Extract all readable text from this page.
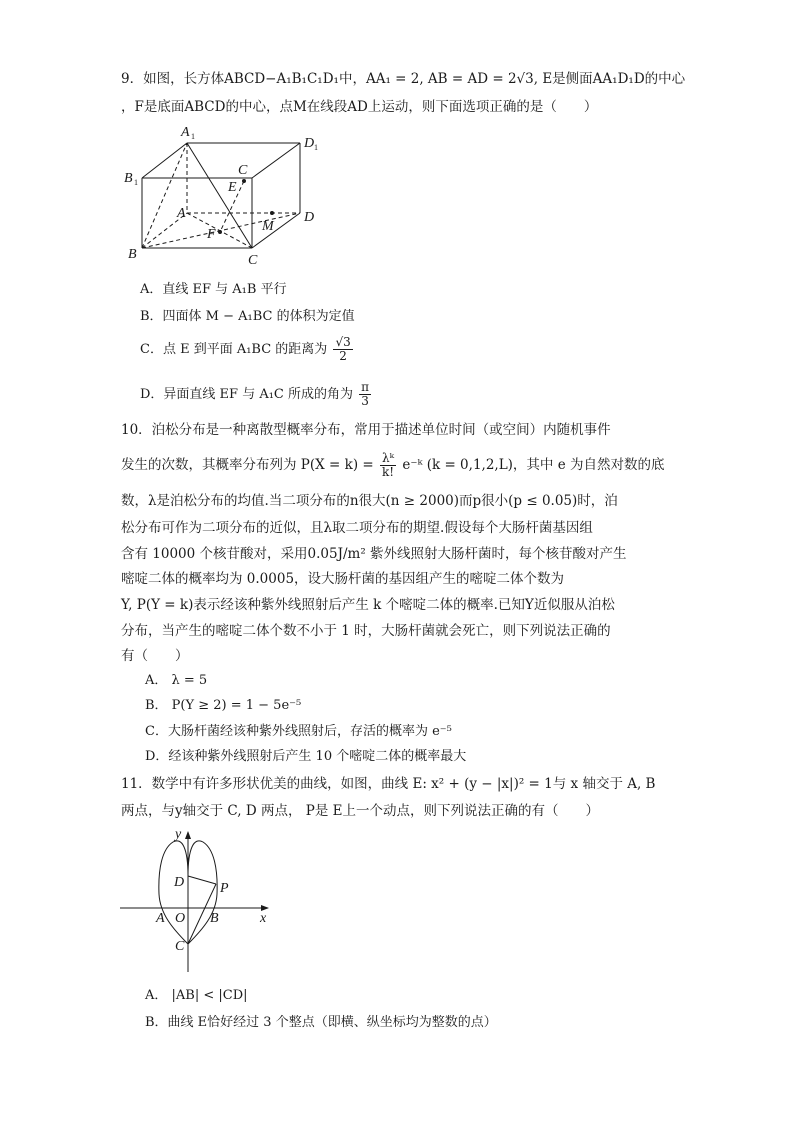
9．如图，长方体ABCD−A₁B₁C₁D₁中，AA₁ = 2, AB = AD = 2√3, E是侧面AA₁D₁D的中心
，F是底面ABCD的中心，点M在线段AD上运动，则下面选项正确的是（　　）
A 1
B 1
C
D 1
E
A	D
M
F
B	C
A．直线 EF 与 A₁B 平行
B．四面体 M − A₁BC 的体积为定值
C．点 E 到平面 A₁BC 的距离为 $\frac{√3}{2}$
D．异面直线 EF 与 A₁C 所成的角为 $\frac{\pi}{3}$
10．泊松分布是一种离散型概率分布，常用于描述单位时间（或空间）内随机事件
发生的次数，其概率分布列为 $P(X = k) = \frac{\text{λᵏ}}{k!}$ e⁻ᵏ (k = 0,1,2,L)，其中 e 为自然对数的底
数，λ是泊松分布的均值.当二项分布的n很大(n ≥ 2000)而p很小(p ≤ 0.05)时，泊
松分布可作为二项分布的近似，且λ取二项分布的期望.假设每个大肠杆菌基因组
含有 10000 个核苷酸对，采用0.05J/m² 紫外线照射大肠杆菌时，每个核苷酸对产生
嘧啶二体的概率均为 0.0005，设大肠杆菌的基因组产生的嘧啶二体个数为
Y, P(Y = k)表示经该种紫外线照射后产生 k 个嘧啶二体的概率.已知Y近似服从泊松
分布，当产生的嘧啶二体个数不小于 1 时，大肠杆菌就会死亡，则下列说法正确的
有（　　）
A． λ = 5
B． P(Y ≥ 2) = 1 − 5e⁻⁵
C．大肠杆菌经该种紫外线照射后，存活的概率为 e⁻⁵
D．经该种紫外线照射后产生 10 个嘧啶二体的概率最大
11．数学中有许多形状优美的曲线，如图，曲线 E: x² + (y − |x|)² = 1与 x 轴交于 A, B
两点，与y轴交于 C, D 两点， P是 E上一个动点，则下列说法正确的有（　　）
y
x
D	P
A O B
C
A． |AB| < |CD|
B．曲线 E恰好经过 3 个整点（即横、纵坐标均为整数的点）
